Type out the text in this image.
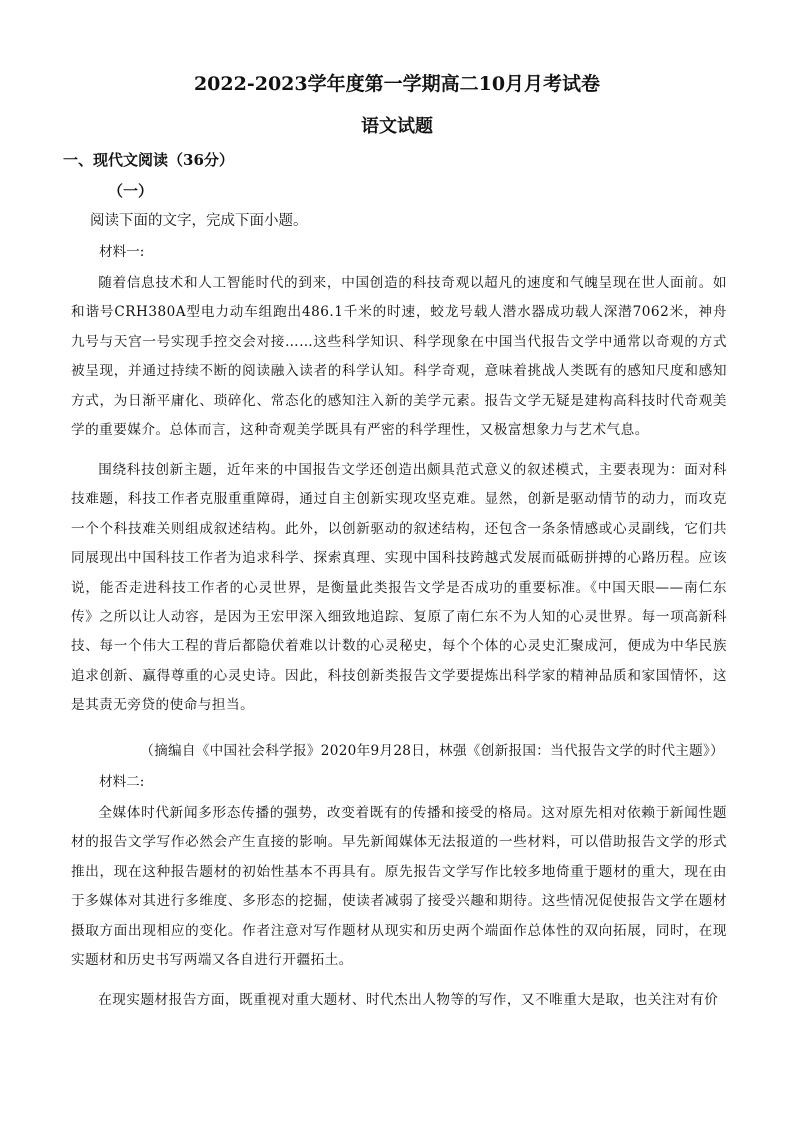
2022-2023学年度第一学期高二10月月考试卷
语文试题
一、现代文阅读（36分）
（一）

阅读下面的文字，完成下面小题。

材料一:

随着信息技术和人工智能时代的到来，中国创造的科技奇观以超凡的速度和气魄呈现在世人面前。如和谐号CRH380A型电力动车组跑出486.1千米的时速，蛟龙号载人潜水器成功载人深潜7062米，神舟九号与天宫一号实现手控交会对接……这些科学知识、科学现象在中国当代报告文学中通常以奇观的方式被呈现，并通过持续不断的阅读融入读者的科学认知。科学奇观，意味着挑战人类既有的感知尺度和感知方式，为日渐平庸化、琐碎化、常态化的感知注入新的美学元素。报告文学无疑是建构高科技时代奇观美学的重要媒介。总体而言，这种奇观美学既具有严密的科学理性，又极富想象力与艺术气息。

围绕科技创新主题，近年来的中国报告文学还创造出颇具范式意义的叙述模式，主要表现为：面对科技难题，科技工作者克服重重障碍，通过自主创新实现攻坚克难。显然，创新是驱动情节的动力，而攻克一个个科技难关则组成叙述结构。此外，以创新驱动的叙述结构，还包含一条条情感或心灵副线，它们共同展现出中国科技工作者为追求科学、探索真理、实现中国科技跨越式发展而砥砺拼搏的心路历程。应该说，能否走进科技工作者的心灵世界，是衡量此类报告文学是否成功的重要标准。《中国天眼——南仁东传》之所以让人动容，是因为王宏甲深入细致地追踪、复原了南仁东不为人知的心灵世界。每一项高新科技、每一个伟大工程的背后都隐伏着难以计数的心灵秘史，每个个体的心灵史汇聚成河，便成为中华民族追求创新、赢得尊重的心灵史诗。因此，科技创新类报告文学要提炼出科学家的精神品质和家国情怀，这是其责无旁贷的使命与担当。

（摘编自《中国社会科学报》2020年9月28日，林强《创新报国：当代报告文学的时代主题》）

材料二:

全媒体时代新闻多形态传播的强势，改变着既有的传播和接受的格局。这对原先相对依赖于新闻性题材的报告文学写作必然会产生直接的影响。早先新闻媒体无法报道的一些材料，可以借助报告文学的形式推出，现在这种报告题材的初始性基本不再具有。原先报告文学写作比较多地倚重于题材的重大，现在由于多媒体对其进行多维度、多形态的挖掘，使读者减弱了接受兴趣和期待。这些情况促使报告文学在题材摄取方面出现相应的变化。作者注意对写作题材从现实和历史两个端面作总体性的双向拓展，同时，在现实题材和历史书写两端又各自进行开疆拓土。

在现实题材报告方面，既重视对重大题材、时代杰出人物等的写作，又不唯重大是取，也关注对有价
